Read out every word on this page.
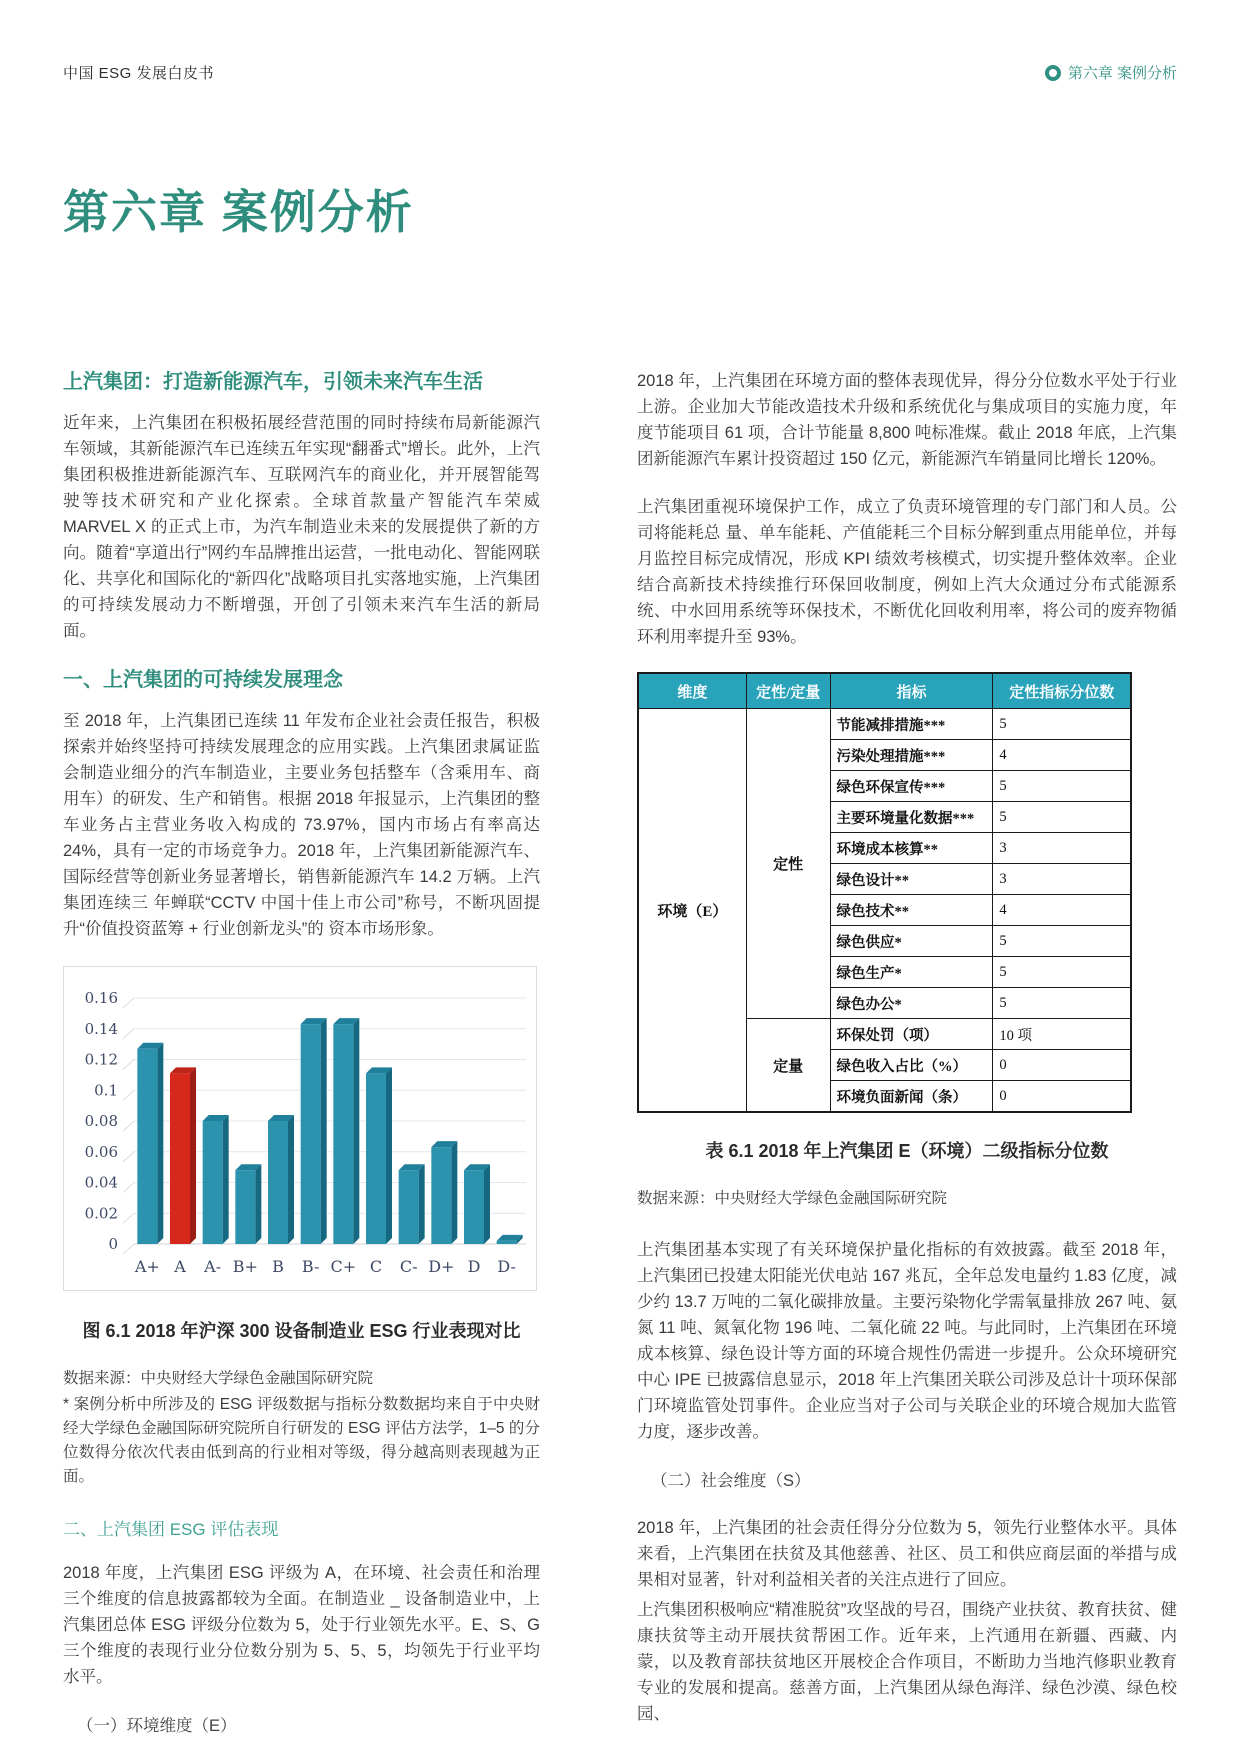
中国 ESG 发展白皮书	第六章 案例分析
第六章 案例分析
上汽集团：打造新能源汽车，引领未来汽车生活

近年来，上汽集团在积极拓展经营范围的同时持续布局新能源汽车领域，其新能源汽车已连续五年实现“翻番式”增长。此外，上汽集团积极推进新能源汽车、互联网汽车的商业化，并开展智能驾驶等技术研究和产业化探索。全球首款量产智能汽车荣威 MARVEL X 的正式上市，为汽车制造业未来的发展提供了新的方向。随着“享道出行”网约车品牌推出运营，一批电动化、智能网联化、共享化和国际化的“新四化”战略项目扎实落地实施，上汽集团的可持续发展动力不断增强，开创了引领未来汽车生活的新局面。

一、上汽集团的可持续发展理念

至 2018 年，上汽集团已连续 11 年发布企业社会责任报告，积极探索并始终坚持可持续发展理念的应用实践。上汽集团隶属证监会制造业细分的汽车制造业，主要业务包括整车（含乘用车、商用车）的研发、生产和销售。根据 2018 年报显示，上汽集团的整车业务占主营业务收入构成的 73.97%，国内市场占有率高达 24%，具有一定的市场竞争力。2018 年，上汽集团新能源汽车、国际经营等创新业务显著增长，销售新能源汽车 14.2 万辆。上汽集团连续三 年蝉联“CCTV 中国十佳上市公司”称号，不断巩固提升“价值投资蓝筹 + 行业创新龙头”的 资本市场形象。

0
0.02
0.04
0.06
0.08
0.1
0.12
0.14
0.16
A+ A A- B+ B B- C+ C C- D+ D D-
图 6.1 2018 年沪深 300 设备制造业 ESG 行业表现对比

数据来源：中央财经大学绿色金融国际研究院

* 案例分析中所涉及的 ESG 评级数据与指标分数数据均来自于中央财经大学绿色金融国际研究院所自行研发的 ESG 评估方法学，1–5 的分位数得分依次代表由低到高的行业相对等级，得分越高则表现越为正面。

二、上汽集团 ESG 评估表现

2018 年度，上汽集团 ESG 评级为 A，在环境、社会责任和治理三个维度的信息披露都较为全面。在制造业 _ 设备制造业中，上汽集团总体 ESG 评级分位数为 5，处于行业领先水平。E、S、G 三个维度的表现行业分位数分别为 5、5、5，均领先于行业平均水平。

（一）环境维度（E）

2018 年，上汽集团在环境方面的整体表现优异，得分分位数水平处于行业上游。企业加大节能改造技术升级和系统优化与集成项目的实施力度，年度节能项目 61 项，合计节能量 8,800 吨标准煤。截止 2018 年底，上汽集团新能源汽车累计投资超过 150 亿元，新能源汽车销量同比增长 120%。

上汽集团重视环境保护工作，成立了负责环境管理的专门部门和人员。公司将能耗总 量、单车能耗、产值能耗三个目标分解到重点用能单位，并每月监控目标完成情况，形成 KPI 绩效考核模式，切实提升整体效率。企业结合高新技术持续推行环保回收制度，例如上汽大众通过分布式能源系统、中水回用系统等环保技术，不断优化回收利用率，将公司的废弃物循环利用率提升至 93%。

维度	定性/定量	指标	定性指标分位数
环境（E）	定性	节能减排措施***	5
		污染处理措施***	4
		绿色环保宣传***	5
		主要环境量化数据***	5
		环境成本核算**	3
		绿色设计**	3
		绿色技术**	4
		绿色供应*	5
		绿色生产*	5
		绿色办公*	5
	定量	环保处罚（项）	10 项
		绿色收入占比（%）	0
		环境负面新闻（条）	0
表 6.1 2018 年上汽集团 E（环境）二级指标分位数

数据来源：中央财经大学绿色金融国际研究院

上汽集团基本实现了有关环境保护量化指标的有效披露。截至 2018 年，上汽集团已投建太阳能光伏电站 167 兆瓦，全年总发电量约 1.83 亿度，减少约 13.7 万吨的二氧化碳排放量。主要污染物化学需氧量排放 267 吨、氨氮 11 吨、氮氧化物 196 吨、二氧化硫 22 吨。与此同时，上汽集团在环境成本核算、绿色设计等方面的环境合规性仍需进一步提升。公众环境研究中心 IPE 已披露信息显示，2018 年上汽集团关联公司涉及总计十项环保部门环境监管处罚事件。企业应当对子公司与关联企业的环境合规加大监管力度，逐步改善。

（二）社会维度（S）

2018 年，上汽集团的社会责任得分分位数为 5，领先行业整体水平。具体来看，上汽集团在扶贫及其他慈善、社区、员工和供应商层面的举措与成果相对显著，针对利益相关者的关注点进行了回应。

上汽集团积极响应“精准脱贫”攻坚战的号召，围绕产业扶贫、教育扶贫、健康扶贫等主动开展扶贫帮困工作。近年来，上汽通用在新疆、西藏、内蒙，以及教育部扶贫地区开展校企合作项目，不断助力当地汽修职业教育专业的发展和提高。慈善方面，上汽集团从绿色海洋、绿色沙漠、绿色校园、
